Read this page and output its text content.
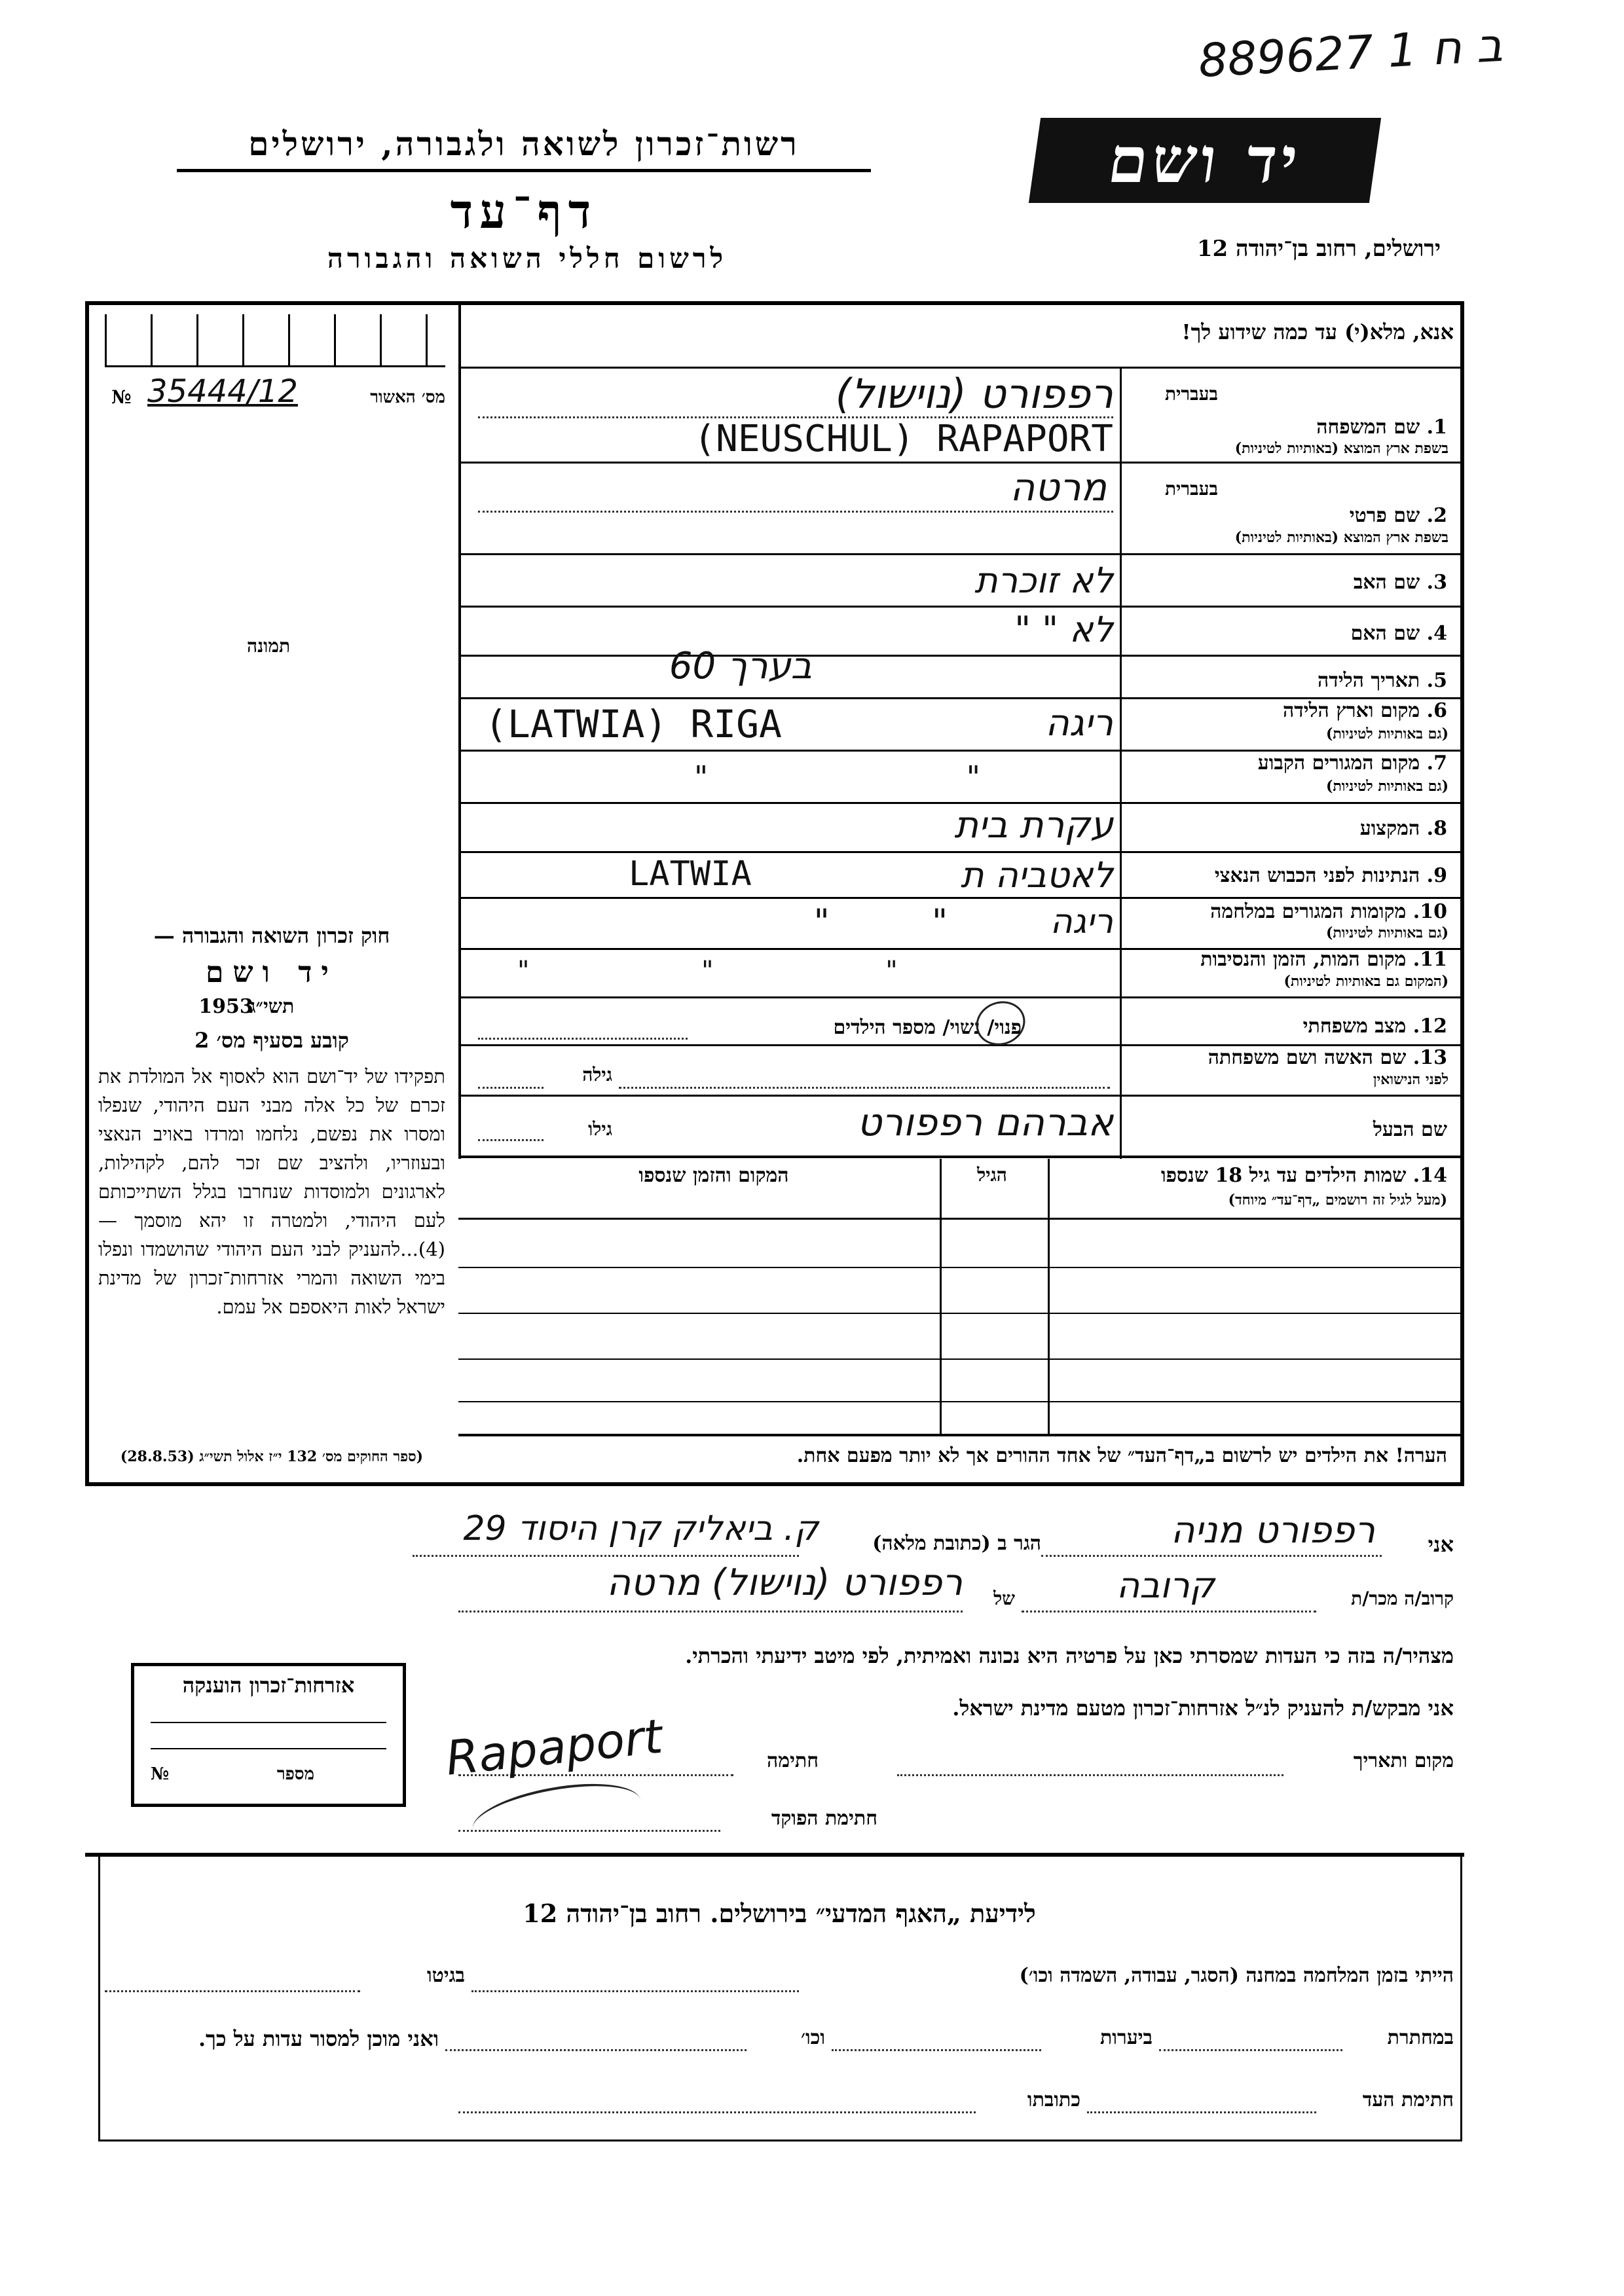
889627 1 ב ח
רשות־זכרון לשואה ולגבורה, ירושלים
דף־עד
לרשום חללי השואה והגבורה
יד ושם
ירושלים, רחוב בן־יהודה 12
אנא, מלא(י) עד כמה שידוע לך!
№ 35444/12	מס׳ האשור
תמונה
בעברית
1. שם המשפחה
בשפת ארץ המוצא (באותיות לטיניות)
רפפורט (נוישול)
(NEUSCHUL) RAPAPORT
בעברית
2. שם פרטי
בשפת ארץ המוצא (באותיות לטיניות)
מרטה
3. שם האב
לא זוכרת
4. שם האם
לא " "
5. תאריך הלידה
בערך 60
6. מקום וארץ הלידה
(גם באותיות לטיניות)
(LATWIA) RIGA	ריגה
7. מקום המגורים הקבוע
(גם באותיות לטיניות)
" "
8. המקצוע
עקרת בית
9. הנתינות לפני הכבוש הנאצי
LATWIA	לאטביה ת
10. מקומות המגורים במלחמה
(גם באותיות לטיניות)
ריגה " "
11. מקום המות, הזמן והנסיבות
(המקום גם באותיות לטיניות)
" " "
12. מצב משפחתי
פנוי/ נשוי/ מספר הילדים
13. שם האשה ושם משפחתה
לפני הנישואין
גילה
שם הבעל
גילו	אברהם רפפורט
14. שמות הילדים עד גיל 18 שנספו
(מעל לגיל זה רושמים „דף־עד״ מיוחד)
הגיל
המקום והזמן שנספו
הערה! את הילדים יש לרשום ב„דף־העד״ של אחד ההורים אך לא יותר מפעם אחת.
חוק זכרון השואה והגבורה —
יד ושם
תשי״ג
1953
קובע בסעיף מס׳ 2
תפקידו של יד־ושם הוא לאסוף אל המולדת את זכרם של כל אלה מבני העם היהודי, שנפלו ומסרו את נפשם, נלחמו ומרדו באויב הנאצי ובעוזריו, ולהציב שם זכר להם, לקהילות, לארגונים ולמוסדות שנחרבו בגלל השתייכותם לעם היהודי, ולמטרה זו יהא מוסמך — (4)...להעניק לבני העם היהודי שהושמדו ונפלו בימי השואה והמרי אזרחות־זכרון של מדינת ישראל לאות היאספם אל עמם.
(ספר החוקים מס׳ 132 י״ז אלול תשי״ג (28.8.53)
אני
רפפורט מניה
הגר ב (כתובת מלאה)
ק. ביאליק קרן היסוד 29
קרוב/ה מכר/ת
קרובה
של
רפפורט (נוישול) מרטה
מצהיר/ה בזה כי העדות שמסרתי כאן על פרטיה היא נכונה ואמיתית, לפי מיטב ידיעתי והכרתי.
אני מבקש/ת להעניק לנ״ל אזרחות־זכרון מטעם מדינת ישראל.
מקום ותאריך
חתימה
Rapaport
חתימת הפוקד
אזרחות־זכרון הוענקה
מספר
№
לידיעת „האגף המדעי״ בירושלים. רחוב בן־יהודה 12
הייתי בזמן המלחמה במחנה (הסגר, עבודה, השמדה וכו׳)
בגיטו
במחתרת
ביערות
וכו׳
ואני מוכן למסור עדות על כך.
חתימת העד
כתובתו
